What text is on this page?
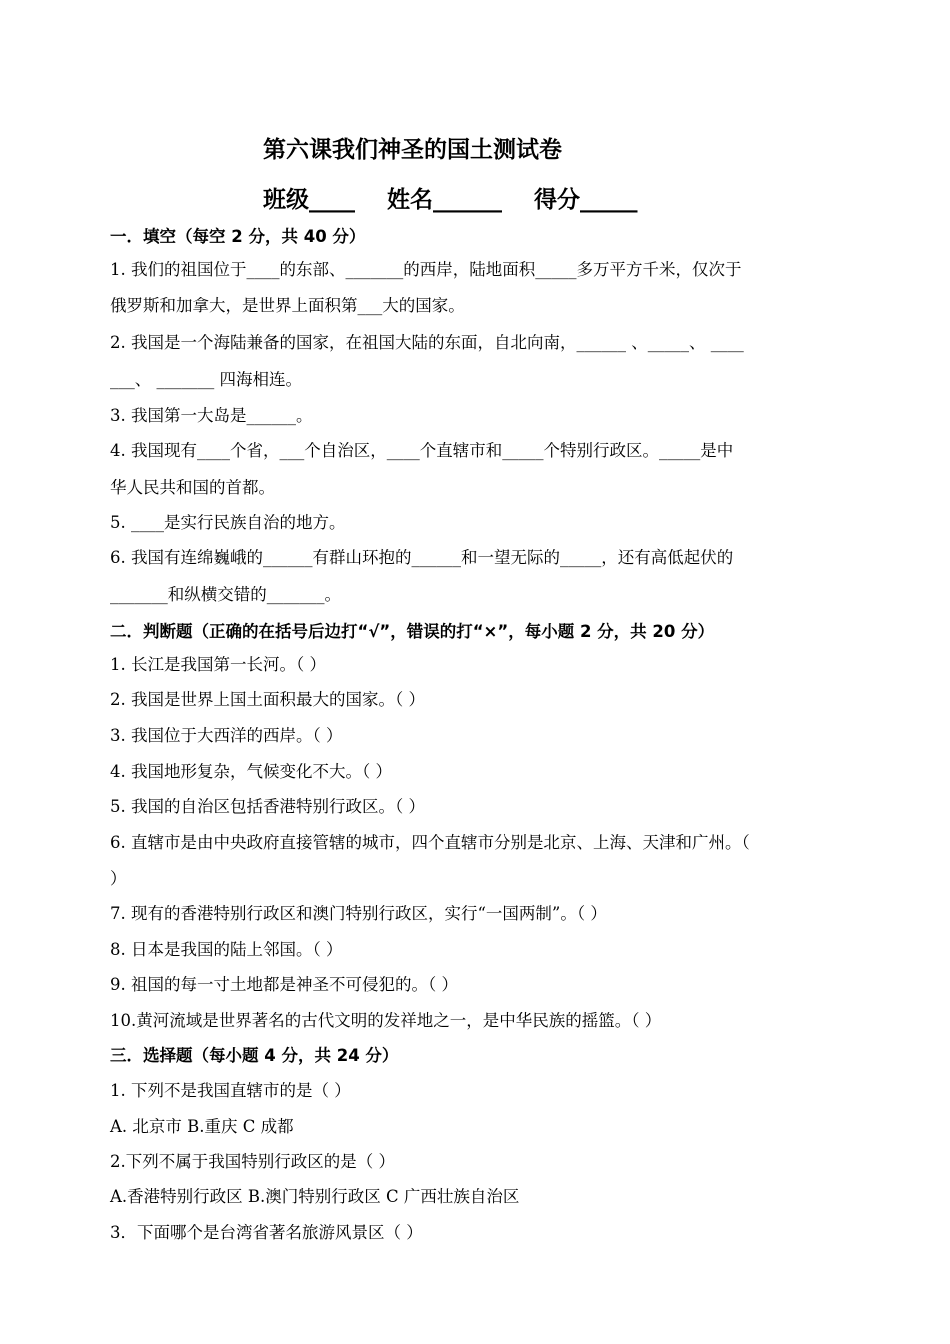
第六课我们神圣的国土测试卷
班级____ 姓名______ 得分_____
一．填空（每空 2 分，共 40 分）
1. 我们的祖国位于____的东部、_______的西岸，陆地面积_____多万平方千米，仅次于
俄罗斯和加拿大，是世界上面积第___大的国家。
2. 我国是一个海陆兼备的国家，在祖国大陆的东面，自北向南，______ 、_____、 ____
___、 _______ 四海相连。
3. 我国第一大岛是______。
4. 我国现有____个省，___个自治区，____个直辖市和_____个特别行政区。_____是中
华人民共和国的首都。
5. ____是实行民族自治的地方。
6. 我国有连绵巍峨的______有群山环抱的______和一望无际的_____，还有高低起伏的
_______和纵横交错的_______。
二．判断题（正确的在括号后边打“√”，错误的打“×”，每小题 2 分，共 20 分）
1. 长江是我国第一长河。（ ）
2. 我国是世界上国土面积最大的国家。（ ）
3. 我国位于大西洋的西岸。（ ）
4. 我国地形复杂，气候变化不大。（ ）
5. 我国的自治区包括香港特别行政区。（ ）
6. 直辖市是由中央政府直接管辖的城市，四个直辖市分别是北京、上海、天津和广州。（
）
7. 现有的香港特别行政区和澳门特别行政区，实行“一国两制”。（ ）
8. 日本是我国的陆上邻国。（ ）
9. 祖国的每一寸土地都是神圣不可侵犯的。（ ）
10.黄河流域是世界著名的古代文明的发祥地之一，是中华民族的摇篮。（ ）
三．选择题（每小题 4 分，共 24 分）
1. 下列不是我国直辖市的是（ ）
A. 北京市 B.重庆 C 成都
2.下列不属于我国特别行政区的是（ ）
A.香港特别行政区 B.澳门特别行政区 C 广西壮族自治区
3．下面哪个是台湾省著名旅游风景区（ ）
